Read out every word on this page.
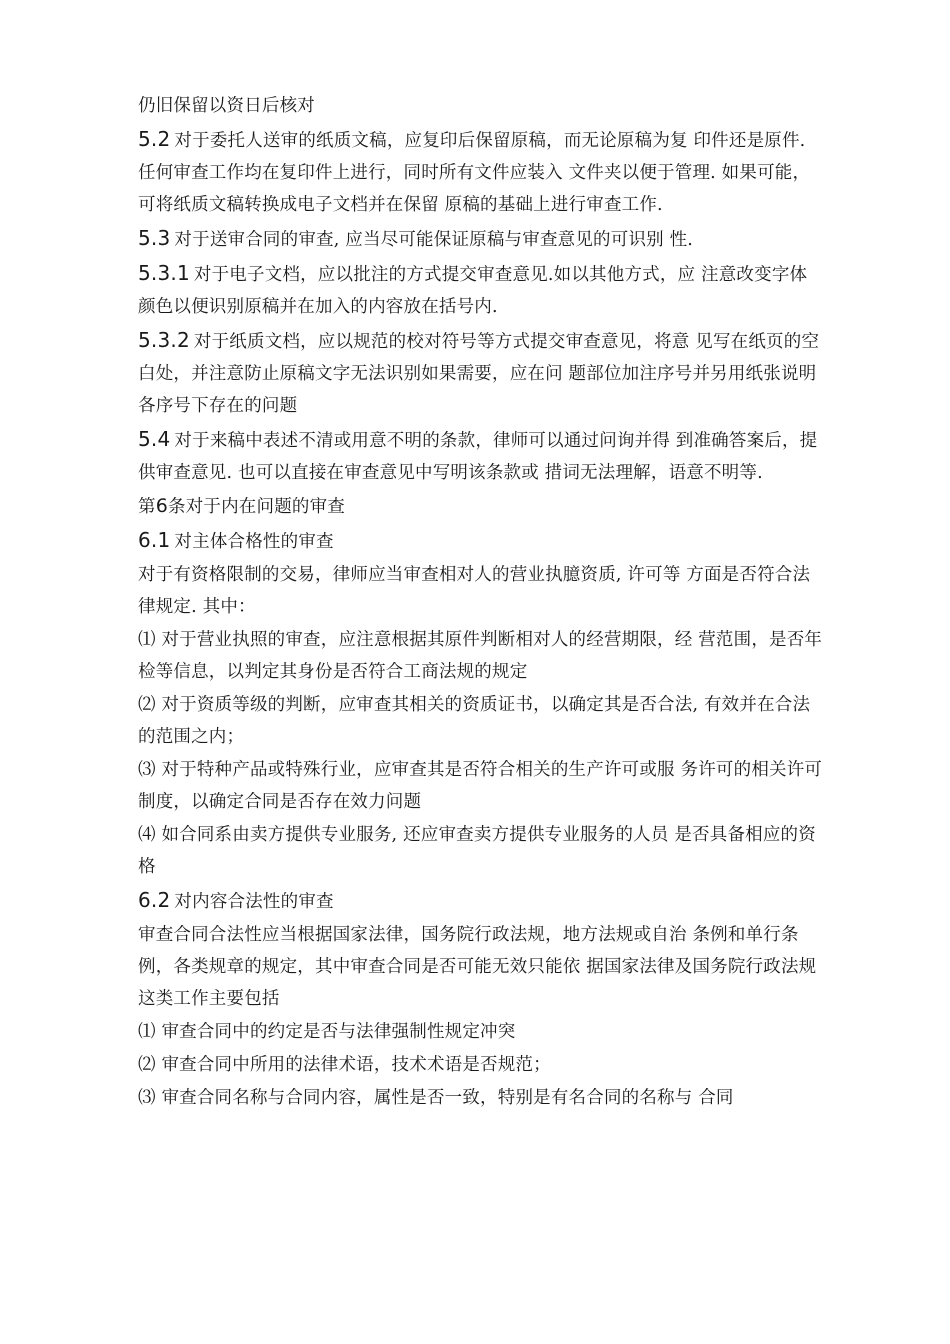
仍旧保留以资日后核对

5.2 对于委托人送审的纸质文稿，应复印后保留原稿，而无论原稿为复 印件还是原件. 任何审查工作均在复印件上进行，同时所有文件应装入 文件夹以便于管理. 如果可能，可将纸质文稿转换成电子文档并在保留 原稿的基础上进行审查工作.

5.3 对于送审合同的审查, 应当尽可能保证原稿与审查意见的可识别 性.

5.3.1 对于电子文档，应以批注的方式提交审查意见.如以其他方式，应 注意改变字体颜色以便识别原稿并在加入的内容放在括号内.

5.3.2 对于纸质文档，应以规范的校对符号等方式提交审查意见，将意 见写在纸页的空白处，并注意防止原稿文字无法识别如果需要，应在问 题部位加注序号并另用纸张说明各序号下存在的问题

5.4 对于来稿中表述不清或用意不明的条款，律师可以通过问询并得 到准确答案后，提供审查意见. 也可以直接在审查意见中写明该条款或 措词无法理解，语意不明等.

第6条对于内在问题的审查

6.1 对主体合格性的审查

对于有资格限制的交易，律师应当审查相对人的营业执臆资质, 许可等 方面是否符合法律规定. 其中：

⑴ 对于营业执照的审查，应注意根据其原件判断相对人的经营期限，经 营范围，是否年检等信息，以判定其身份是否符合工商法规的规定

⑵ 对于资质等级的判断，应审查其相关的资质证书，以确定其是否合法, 有效并在合法的范围之内；

⑶ 对于特种产品或特殊行业，应审查其是否符合相关的生产许可或服 务许可的相关许可制度，以确定合同是否存在效力问题

⑷ 如合同系由卖方提供专业服务, 还应审查卖方提供专业服务的人员 是否具备相应的资格

6.2 对内容合法性的审查

审查合同合法性应当根据国家法律，国务院行政法规，地方法规或自治 条例和单行条例，各类规章的规定，其中审查合同是否可能无效只能依 据国家法律及国务院行政法规这类工作主要包括

⑴ 审查合同中的约定是否与法律强制性规定冲突

⑵ 审查合同中所用的法律术语，技术术语是否规范；

⑶ 审查合同名称与合同内容，属性是否一致，特别是有名合同的名称与 合同
